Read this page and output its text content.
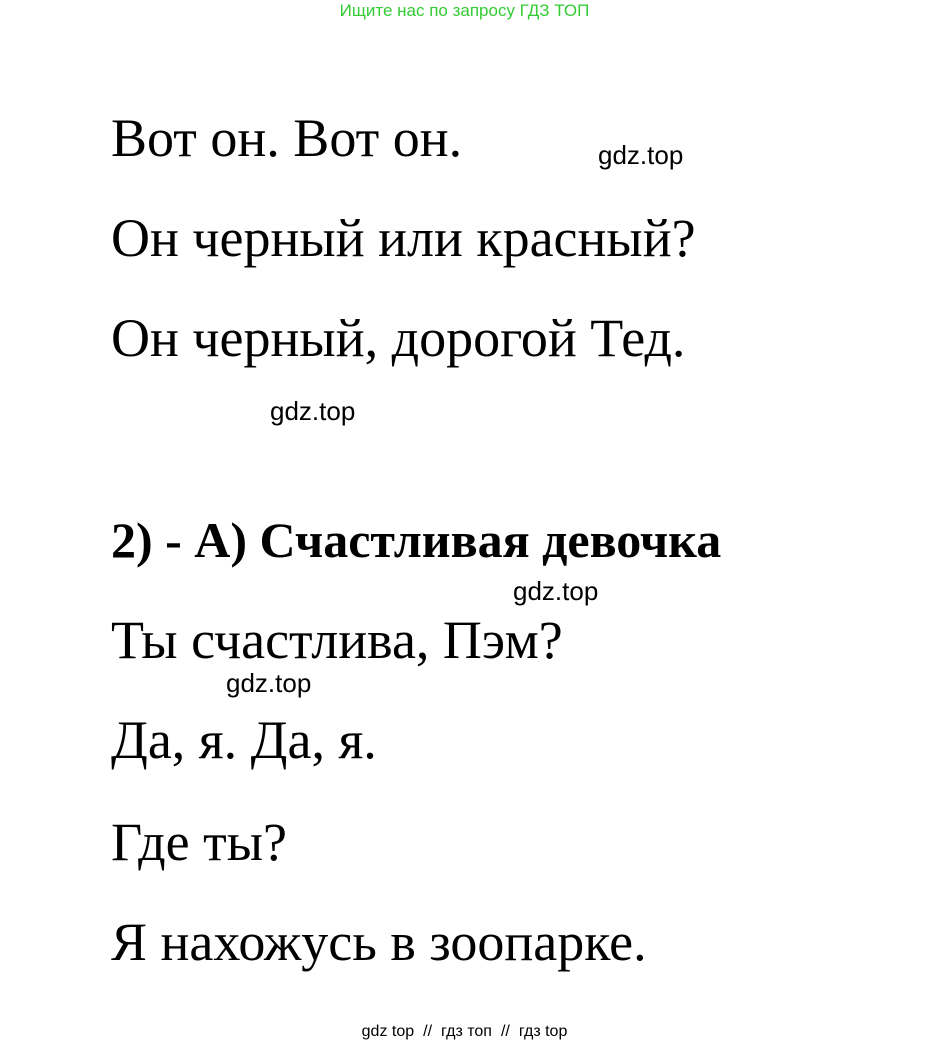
Ищите нас по запросу ГДЗ ТОП
Вот он. Вот он.	gdz.top
Он черный или красный?
Он черный, дорогой Тед.
gdz.top
2) - А) Счастливая девочка
gdz.top
Ты счастлива, Пэм?
gdz.top
Да, я. Да, я.
Где ты?
Я нахожусь в зоопарке.
gdz top // гдз топ // гдз top
